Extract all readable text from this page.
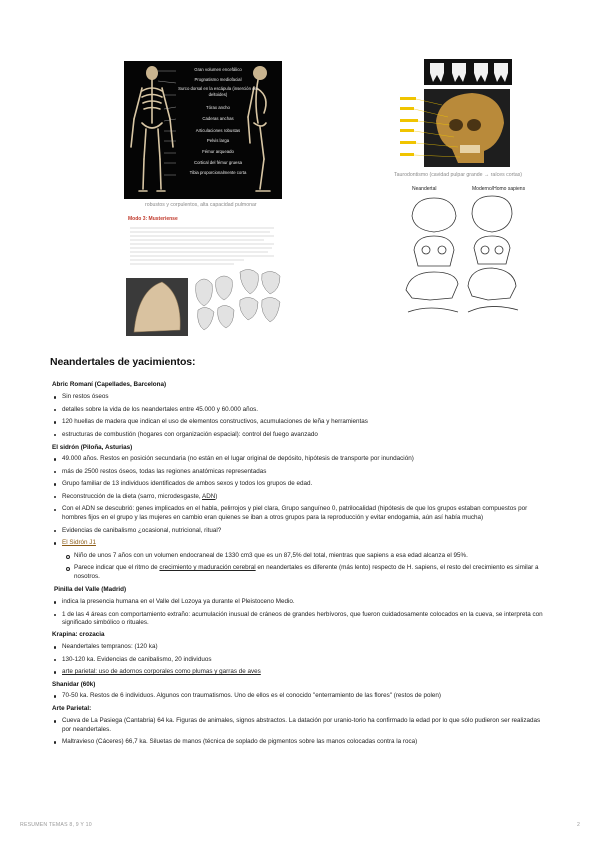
Gran volumen encefálico
Prognatismo mediofacial
Surco dorsal en la escápula (inserción del deltoides)
Tórax ancho
Caderas anchas
Articulaciones robustas
Pelvis larga
Fémur arqueado
Cortical del fémur gruesa
Tibia proporcionalmente corta
robustos y corpulentos, alta capacidad pulmonar
Modo 3: Musteriense
Taurodontismo (cavidad pulpar grande → raíces cortas)
Neandertal	Moderno/Homo sapiens
Neandertales de yacimientos:
Abric Romaní (Capellades, Barcelona)
Sin restos óseos
detalles sobre la vida de los neandertales entre 45.000 y 60.000 años.
120 huellas de madera que indican el uso de elementos constructivos, acumulaciones de leña y herramientas
estructuras de combustión (hogares con organización espacial): control del fuego avanzado
El sidrón (Piloña, Asturias)
49.000 años. Restos en posición secundaria (no están en el lugar original de depósito, hipótesis de transporte por inundación)
más de 2500 restos óseos, todas las regiones anatómicas representadas
Grupo familiar de 13 individuos identificados de ambos sexos y todos los grupos de edad.
Reconstrucción de la dieta (sarro, microdesgaste, ADN)
Con el ADN se descubrió: genes implicados en el habla, pelirrojos y piel clara, Grupo sanguíneo 0, patrilocalidad (hipótesis de que los grupos estaban compuestos por hombres fijos en el grupo y las mujeres en cambio eran quienes se iban a otros grupos para la reproducción y evitar endogamia, aún así había mucha)
Evidencias de canibalismo ¿ocasional, nutricional, ritual?
El Sidrón J1
Niño de unos 7 años con un volumen endocraneal de 1330 cm3 que es un 87,5% del total, mientras que sapiens a esa edad alcanza el 95%.
Parece indicar que el ritmo de crecimiento y maduración cerebral en neandertales es diferente (más lento) respecto de H. sapiens, el resto del crecimiento es similar a nosotros.
Pinilla del Valle (Madrid)
indica la presencia humana en el Valle del Lozoya ya durante el Pleistoceno Medio.
1 de las 4 áreas con comportamiento extraño: acumulación inusual de cráneos de grandes herbívoros, que fueron cuidadosamente colocados en la cueva, se interpreta con significado simbólico o rituales.
Krapina: crozacia
Neandertales tempranos: (120 ka)
130-120 ka. Evidencias de canibalismo, 20 individuos
arte parietal: uso de adornos corporales como plumas y garras de aves
Shanidar (60k)
70-50 ka. Restos de 6 individuos. Algunos con traumatismos. Uno de ellos es el conocido "enterramiento de las flores" (restos de polen)
Arte Parietal:
Cueva de La Pasiega (Cantabria) 64 ka. Figuras de animales, signos abstractos. La datación por uranio-torio ha confirmado la edad por lo que sólo pudieron ser realizadas por neandertales.
Maltravieso (Cáceres) 66,7 ka. Siluetas de manos (técnica de soplado de pigmentos sobre las manos colocadas contra la roca)
RESUMEN TEMAS 8, 9 Y 10	2
